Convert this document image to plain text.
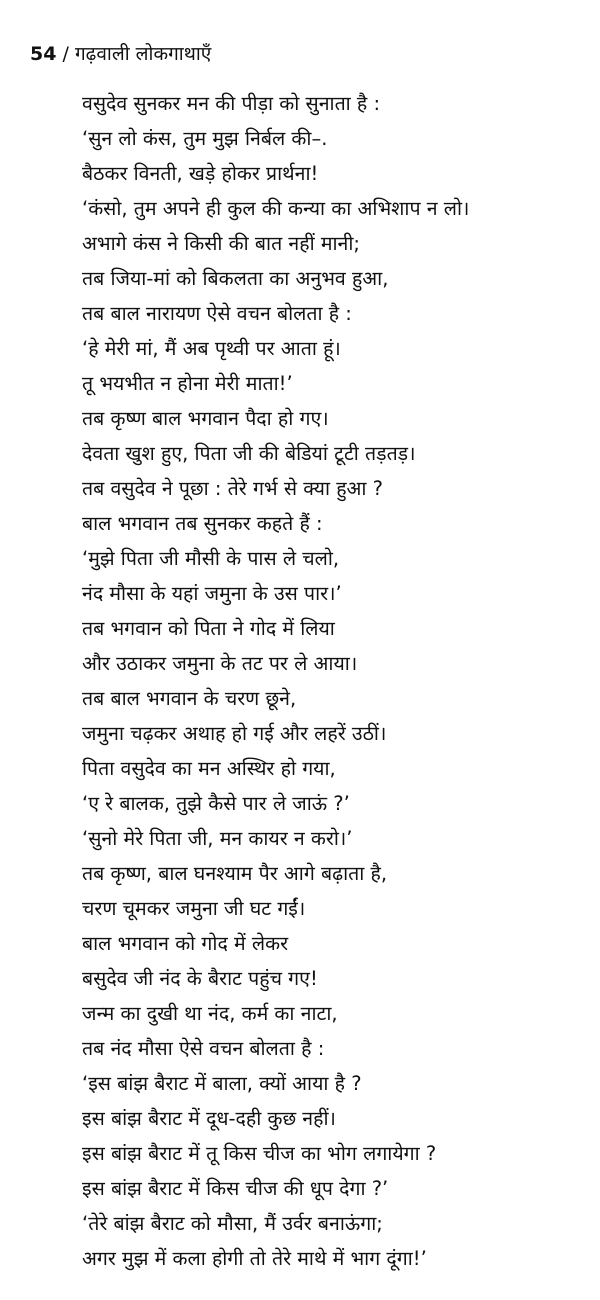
54 / गढ़वाली लोकगाथाएँ
वसुदेव सुनकर मन की पीड़ा को सुनाता है :
‘सुन लो कंस, तुम मुझ निर्बल की–.
बैठकर विनती, खड़े होकर प्रार्थना!
‘कंसो, तुम अपने ही कुल की कन्या का अभिशाप न लो।
अभागे कंस ने किसी की बात नहीं मानी;
तब जिया-मां को बिकलता का अनुभव हुआ,
तब बाल नारायण ऐसे वचन बोलता है :
‘हे मेरी मां, मैं अब पृथ्वी पर आता हूं।
तू भयभीत न होना मेरी माता!’
तब कृष्ण बाल भगवान पैदा हो गए।
देवता खुश हुए, पिता जी की बेडियां टूटी तड़तड़।
तब वसुदेव ने पूछा : तेरे गर्भ से क्या हुआ ?
बाल भगवान तब सुनकर कहते हैं :
‘मुझे पिता जी मौसी के पास ले चलो,
नंद मौसा के यहां जमुना के उस पार।’
तब भगवान को पिता ने गोद में लिया
और उठाकर जमुना के तट पर ले आया।
तब बाल भगवान के चरण छूने,
जमुना चढ़कर अथाह हो गई और लहरें उठीं।
पिता वसुदेव का मन अस्थिर हो गया,
‘ए रे बालक, तुझे कैसे पार ले जाऊं ?’
‘सुनो मेरे पिता जी, मन कायर न करो।’
तब कृष्ण, बाल घनश्याम पैर आगे बढ़ाता है,
चरण चूमकर जमुना जी घट गईं।
बाल भगवान को गोद में लेकर
बसुदेव जी नंद के बैराट पहुंच गए!
जन्म का दुखी था नंद, कर्म का नाटा,
तब नंद मौसा ऐसे वचन बोलता है :
‘इस बांझ बैराट में बाला, क्यों आया है ?
इस बांझ बैराट में दूध-दही कुछ नहीं।
इस बांझ बैराट में तू किस चीज का भोग लगायेगा ?
इस बांझ बैराट में किस चीज की धूप देगा ?’
‘तेरे बांझ बैराट को मौसा, मैं उर्वर बनाऊंगा;
अगर मुझ में कला होगी तो तेरे माथे में भाग दूंगा!’
